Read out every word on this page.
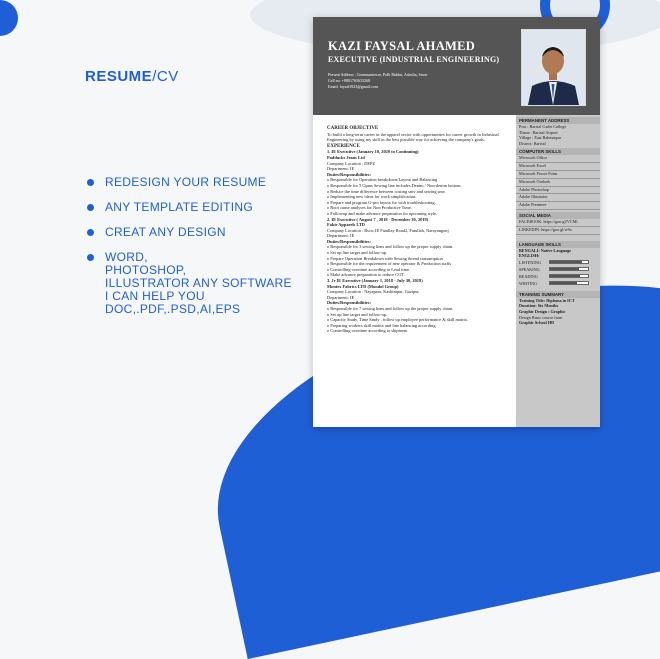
RESUME/CV
REDESIGN YOUR RESUME
ANY TEMPLATE EDITING
CREAT ANY DESIGN
WORD,
PHOTOSHOP,
ILLUSTRATOR ANY SOFTWARE
I CAN HELP YOU
DOC,.PDF,.PSD,AI,EPS
KAZI FAYSAL AHAMED
EXECUTIVE (INDUSTRIAL ENGINEERING)
Present Address : Gramnuntower, Polli Biddut, Ashulia, Savar
Cell no: +8801765633268
Email: faysal3923@gmail.com
PERMANENT ADDRESS
Post : Barisal Cadet College
Thana : Barisal Airport
Village : East Rahmatpur
District: Barisal
COMPUTER SKILLS
Microsoft Office
Microsoft Excel
Microsoft Power Point
Microsoft Outlook
Adobe Photoshop
Adobe Illustrator
Adobe Premiere
SOCIAL MEDIA
FACEBOOK: https://goo.gl/VCMl
LINKEDIN: https://goo.gl/w9o
LANGUAGE SKILLS
BENGALI: Native Language
ENGLISH:
LISTENING
SPEAKING
READING
WRITING
TRAINING SUMMARY
Training Title: Diploma in ICT
Duration: Six Months
Graphic Design : Graphic
Design Basic course from
Graphic School HD

CAREER OBJECTIVE

To build a long-term career in the apparel sector with opportunities for career growth in Industrial Engineering by using my skill in the best possible way for achieving the company's goals.

EXPERIENCE

1. IE Executive (January 10, 2020 to Continuing)

Padducks Jeans Ltd

Company Location : DEPZ

Department: IE

Duties/Responsibilities:

o Responsible for Operation breakdown/Layout and Balancing

o Responsible for 5 Gpms Sewing line includes Denim / Non-denim bottom.

o Reduce the time difference between costing smv and sewing smv.

o Implementing new ideas for work simplification.

o Prepare and program G-pro layout for with troubleshooting.

o Root cause analyses for Non Productive Time.

o Followup and make advance preparation for upcoming style.

2. IE Executive ( August 7 , 2018 - December 30, 2019)

Fakir Apparels LTD

Company Location : Bscic,IE Fatullay Road2, Fatullah, Narayangonj

Department: IE

Duties/Responsibilities:

o Responsible for 3 sewing lines and follow up the proper supply chain.

o Set up line target and follow-up.

o Prepare Operation Breakdown with Sewing thread consumption

o Responsible for the requirement of new operator & Production staffs

o Controlling overtime according to Lead time.

o Make advance preparation to reduce COT.

3. Jr IE Executive (January 1, 2018 - July 30, 2018)

Montex Fabrics LTD (Mondol Group)

Company Location : Nayapara, Kashimpur, Gazipur.

Department: IE

Duties/Responsibilities:

o Responsible for 7 sewing lines and follow up the proper supply chain.

o Set up line target and follow-up.

o Capacity Study, Time Study , follow up employee performance & skill matrix.

o Preparing workers skill matrix and line balancing according

o Controlling overtime according to shipment
